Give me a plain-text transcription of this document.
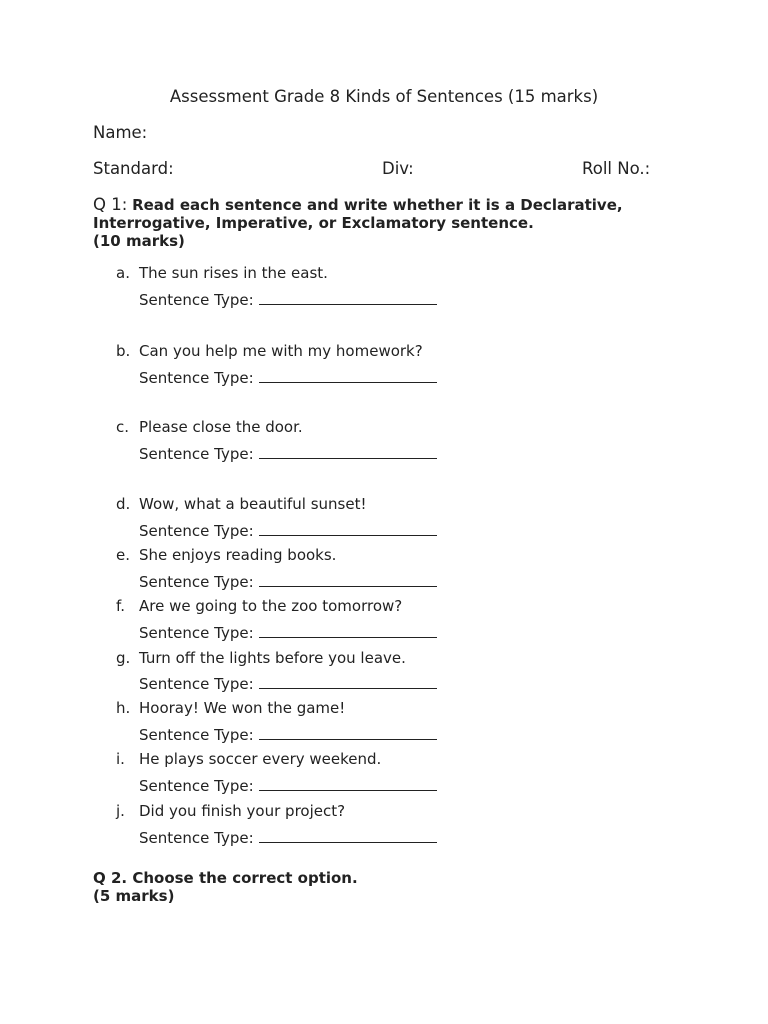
Assessment Grade 8 Kinds of Sentences (15 marks)
Name:
Standard:	Div:	Roll No.:
Q 1: Read each sentence and write whether it is a Declarative, Interrogative, Imperative, or Exclamatory sentence.
(10 marks)
a. The sun rises in the east.
Sentence Type:
b. Can you help me with my homework?
Sentence Type:
c. Please close the door.
Sentence Type:
d. Wow, what a beautiful sunset!
Sentence Type:
e. She enjoys reading books.
Sentence Type:
f. Are we going to the zoo tomorrow?
Sentence Type:
g. Turn off the lights before you leave.
Sentence Type:
h. Hooray! We won the game!
Sentence Type:
i. He plays soccer every weekend.
Sentence Type:
j. Did you finish your project?
Sentence Type:
Q 2. Choose the correct option.
(5 marks)
